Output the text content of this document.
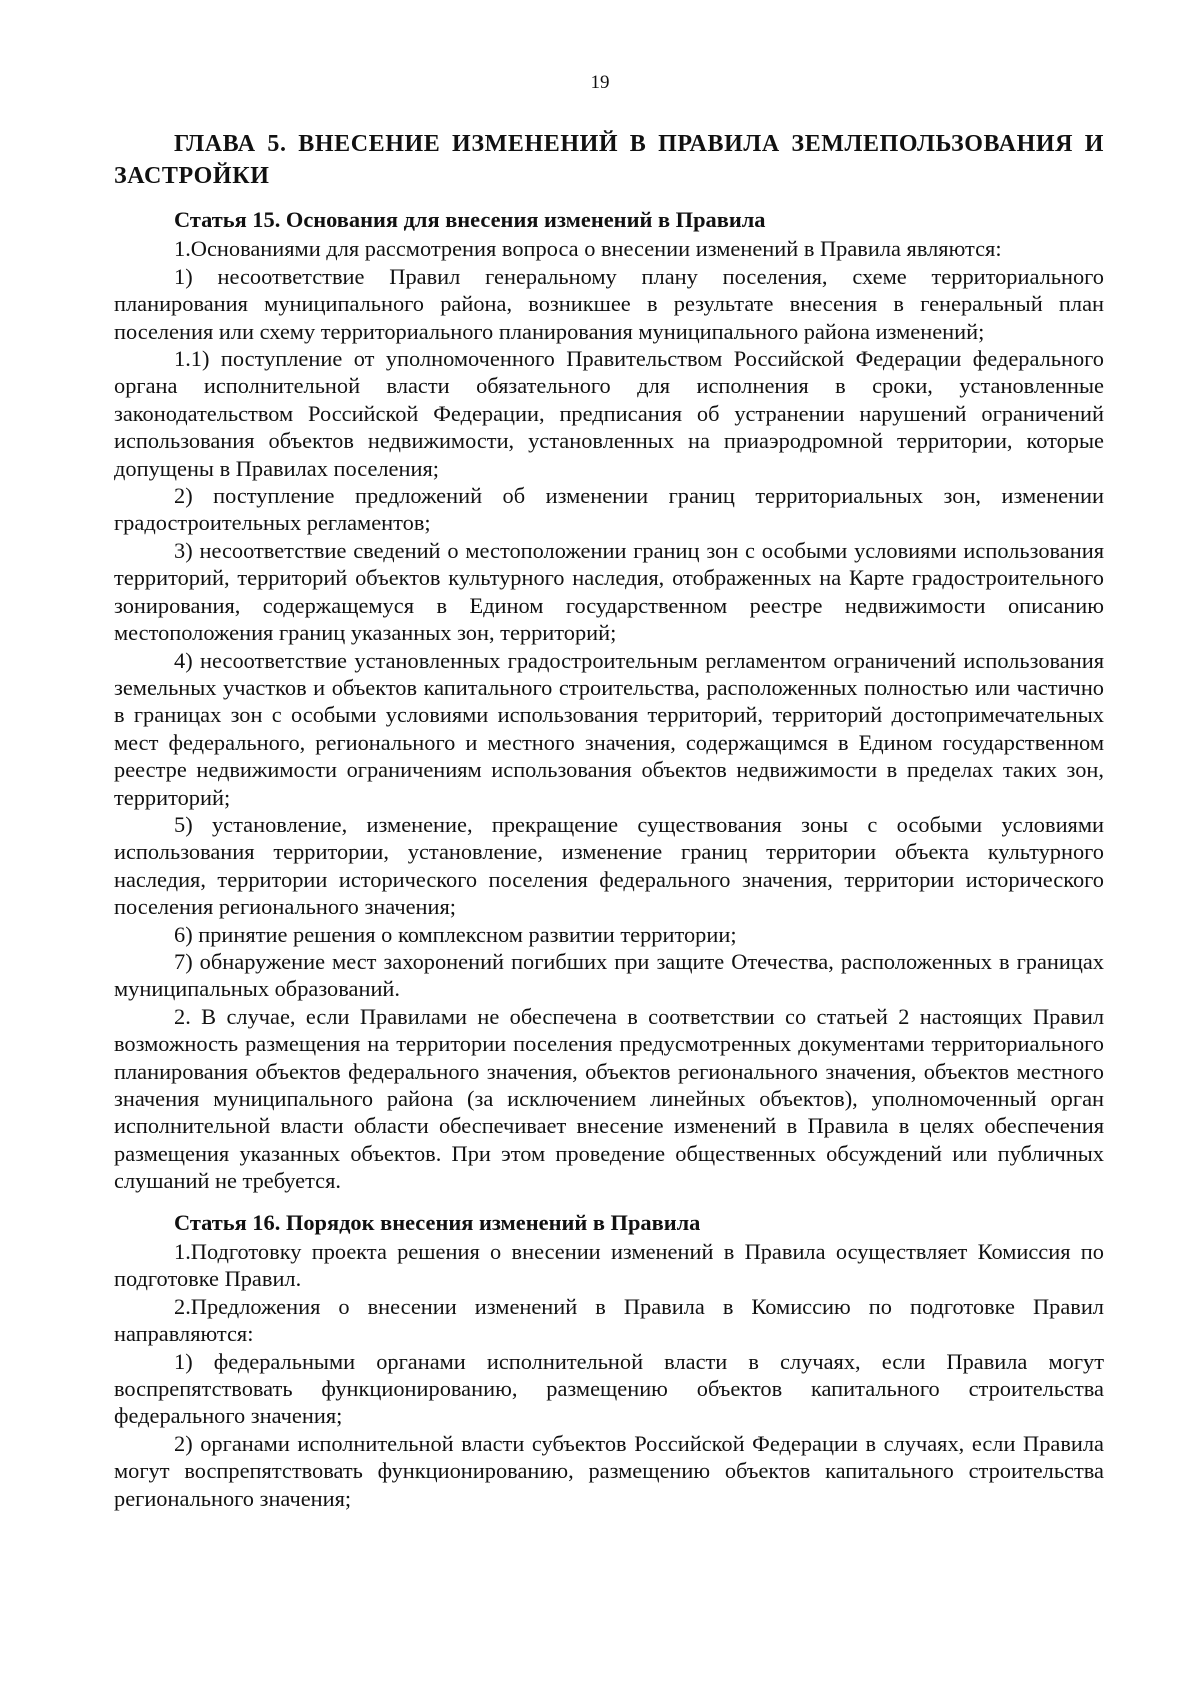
19
ГЛАВА 5. ВНЕСЕНИЕ ИЗМЕНЕНИЙ В ПРАВИЛА ЗЕМЛЕПОЛЬЗОВАНИЯ И ЗАСТРОЙКИ
Статья 15. Основания для внесения изменений в Правила

1.Основаниями для рассмотрения вопроса о внесении изменений в Правила являются:

1) несоответствие Правил генеральному плану поселения, схеме территориального планирования муниципального района, возникшее в результате внесения в генеральный план поселения или схему территориального планирования муниципального района изменений;

1.1) поступление от уполномоченного Правительством Российской Федерации федерального органа исполнительной власти обязательного для исполнения в сроки, установленные законодательством Российской Федерации, предписания об устранении нарушений ограничений использования объектов недвижимости, установленных на приаэродромной территории, которые допущены в Правилах поселения;

2) поступление предложений об изменении границ территориальных зон, изменении градостроительных регламентов;

3) несоответствие сведений о местоположении границ зон с особыми условиями использования территорий, территорий объектов культурного наследия, отображенных на Карте градостроительного зонирования, содержащемуся в Едином государственном реестре недвижимости описанию местоположения границ указанных зон, территорий;

4) несоответствие установленных градостроительным регламентом ограничений использования земельных участков и объектов капитального строительства, расположенных полностью или частично в границах зон с особыми условиями использования территорий, территорий достопримечательных мест федерального, регионального и местного значения, содержащимся в Едином государственном реестре недвижимости ограничениям использования объектов недвижимости в пределах таких зон, территорий;

5) установление, изменение, прекращение существования зоны с особыми условиями использования территории, установление, изменение границ территории объекта культурного наследия, территории исторического поселения федерального значения, территории исторического поселения регионального значения;

6) принятие решения о комплексном развитии территории;

7) обнаружение мест захоронений погибших при защите Отечества, расположенных в границах муниципальных образований.

2. В случае, если Правилами не обеспечена в соответствии со статьей 2 настоящих Правил возможность размещения на территории поселения предусмотренных документами территориального планирования объектов федерального значения, объектов регионального значения, объектов местного значения муниципального района (за исключением линейных объектов), уполномоченный орган исполнительной власти области обеспечивает внесение изменений в Правила в целях обеспечения размещения указанных объектов. При этом проведение общественных обсуждений или публичных слушаний не требуется.

Статья 16. Порядок внесения изменений в Правила

1.Подготовку проекта решения о внесении изменений в Правила осуществляет Комиссия по подготовке Правил.

2.Предложения о внесении изменений в Правила в Комиссию по подготовке Правил направляются:

1) федеральными органами исполнительной власти в случаях, если Правила могут воспрепятствовать функционированию, размещению объектов капитального строительства федерального значения;

2) органами исполнительной власти субъектов Российской Федерации в случаях, если Правила могут воспрепятствовать функционированию, размещению объектов капитального строительства регионального значения;
